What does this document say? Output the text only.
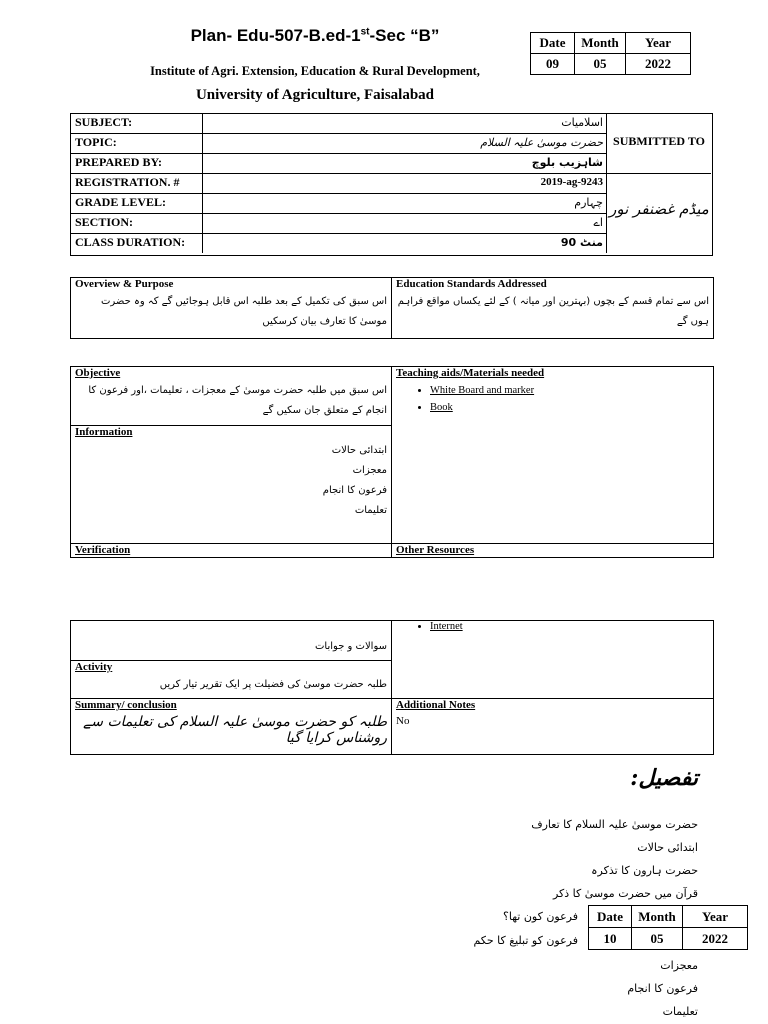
Plan- Edu-507-B.ed-1st-Sec “B”
Institute of Agri. Extension, Education & Rural Development,
University of Agriculture, Faisalabad
Date	Month	Year
09	05	2022
SUBJECT:	اسلامیات
TOPIC:	حضرت موسیٰ علیہ السلام
PREPARED BY:	شاہزیب بلوچ
REGISTRATION. #	2019-ag-9243
GRADE LEVEL:	چہارم
SECTION:	اے
CLASS DURATION:	منٹ 90
SUBMITTED TO
میڈم غضنفر نور
Overview & Purpose
اس سبق کی تکمیل کے بعد طلبہ اس قابل ہوجائیں گے کہ وہ حضرت موسیٰ کا تعارف بیان کرسکیں
Education Standards Addressed
اس سے تمام قسم کے بچوں (بہترین اور میانہ ) کے لئے یکساں مواقع فراہم ہوں گے
Objective
اس سبق میں طلبہ حضرت موسیٰ کے معجزات ، تعلیمات ،اور فرعون کا انجام کے متعلق جان سکیں گے
Teaching aids/Materials needed
• White Board and marker
• Book
Information
ابتدائی حالات
معجزات
فرعون کا انجام
تعلیمات
Verification	Other Resources
• Internet
سوالات و جوابات
Activity
طلبہ حضرت موسیٰ کی فضیلت پر ایک تقریر تیار کریں
Summary/ conclusion
طلبہ کو حضرت موسیٰ علیہ السلام کی تعلیمات سے روشناس کرایا گیا
Additional Notes
No
تفصیل:
حضرت موسیٰ علیہ السلام کا تعارف
ابتدائی حالات
حضرت ہارون کا تذکرہ
قرآن میں حضرت موسیٰ کا ذکر
فرعون کون تھا؟
فرعون کو تبلیغ کا حکم
معجزات
فرعون کا انجام
تعلیمات
Date	Month	Year
10	05	2022
